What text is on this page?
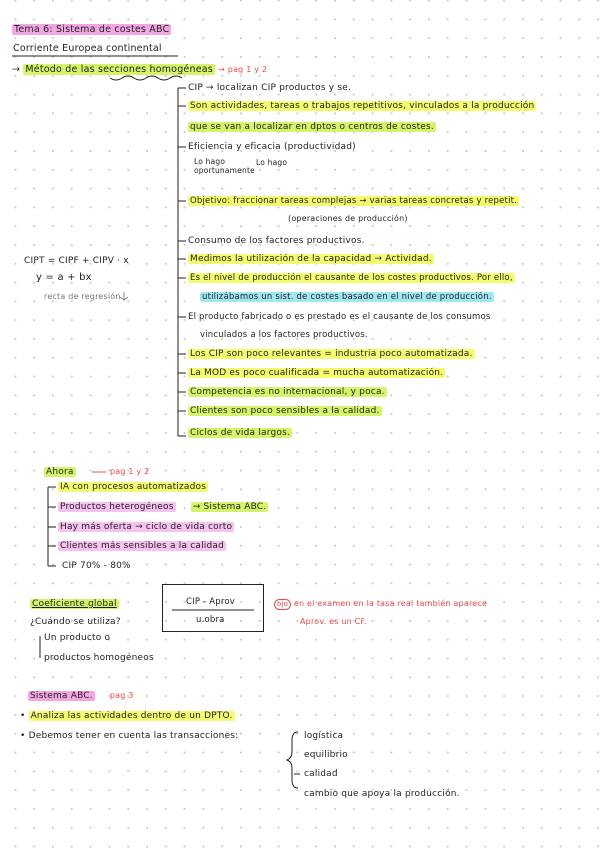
Tema 6: Sistema de costes ABC
Corriente Europea continental
→ Método de las secciones homogéneas → pag 1 y 2
CIP → localizan CIP productos y se.
Son actividades, tareas o trabajos repetitivos, vinculados a la producción
que se van a localizar en dptos o centros de costes.
Eficiencia y eficacia (productividad)
Lo hago oportunamente
Lo hago
Objetivo: fraccionar tareas complejas → varias tareas concretas y repetit.
(operaciones de producción)
Consumo de los factores productivos.
Medimos la utilización de la capacidad → Actividad.
Es el nivel de producción el causante de los costes productivos. Por ello,
utilizábamos un sist. de costes basado en el nivel de producción.
El producto fabricado o es prestado es el causante de los consumos
vinculados a los factores productivos.
Los CIP son poco relevantes = industria poco automatizada.
La MOD es poco cualificada = mucha automatización.
Competencia es no internacional, y poca.
Clientes son poco sensibles a la calidad.
Ciclos de vida largos.
CIPT = CIPF + CIPV · x
y = a + bx
recta de regresión
Ahora	pag 1 y 2
IA con procesos automatizados
Productos heterogéneos → Sistema ABC.
Hay más oferta → ciclo de vida corto
Clientes más sensibles a la calidad
CIP 70% - 80%
Coeficiente global
¿Cuándo se utiliza?
Un producto o
productos homogéneos
CIP - Aprov
u.obra
ojo en el examen en la tasa real también aparece
Aprov. es un CF.
Sistema ABC. pag 3
• Analiza las actividades dentro de un DPTO.
• Debemos tener en cuenta las transacciones:	logística
equilibrio
calidad
cambio que apoya la producción.
